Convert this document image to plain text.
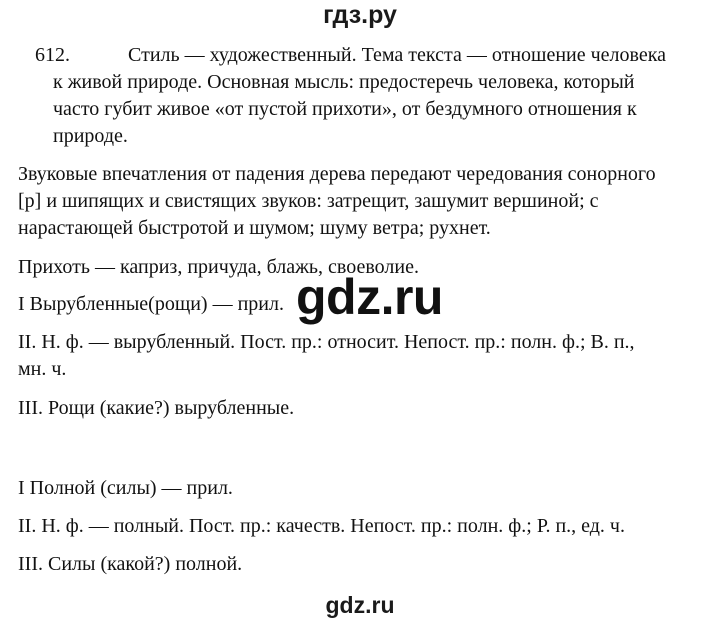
гдз.ру

612.	Стиль — художественный. Тема текста — отношение человека

к живой природе. Основная мысль: предостеречь человека, который

часто губит живое «от пустой прихоти», от бездумного отношения к

природе.

Звуковые впечатления от падения дерева передают чередования сонорного

[р] и шипящих и свистящих звуков: затрещит, зашумит вершиной; с

нарастающей быстротой и шумом; шуму ветра; рухнет.

Прихоть — каприз, причуда, блажь, своеволие.

I Вырубленные(рощи) — прил.

II. Н. ф. — вырубленный. Пост. пр.: относит. Непост. пр.: полн. ф.; В. п.,

мн. ч.

III. Рощи (какие?) вырубленные.

I Полной (силы) — прил.

II. Н. ф. — полный. Пост. пр.: качеств. Непост. пр.: полн. ф.; Р. п., ед. ч.

III. Силы (какой?) полной.

gdz.ru
gdz.ru
